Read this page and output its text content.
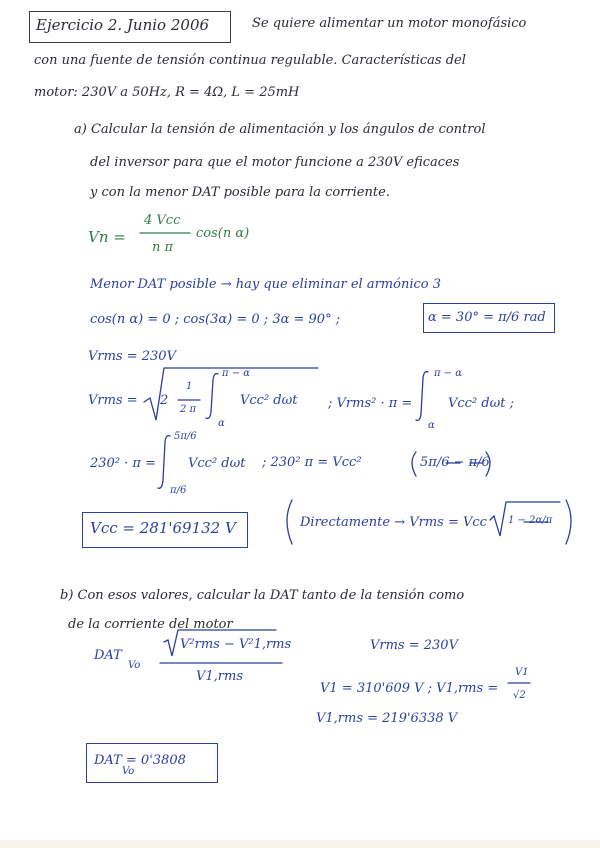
Ejercicio 2. Junio 2006	Se quiere alimentar un motor monofásico
con una fuente de tensión continua regulable. Características del
motor: 230V a 50Hz, R = 4Ω, L = 25mH
a) Calcular la tensión de alimentación y los ángulos de control
del inversor para que el motor funcione a 230V eficaces
y con la menor DAT posible para la corriente.
Vn =
4 Vcc
n π
cos(n α)
Menor DAT posible → hay que eliminar el armónico 3
cos(n α) = 0 ; cos(3α) = 0 ; 3α = 90° ;	α = 30° = π/6 rad
Vrms = 230V
Vrms = 2
1
2 π
π − α
α
Vcc² dωt ; Vrms² · π =
π − α
α
Vcc² dωt ;
230² · π =
5π/6
π/6
Vcc² dωt ; 230² π = Vcc²	5π/6 − π/6
Vcc = 281'69132 V	Directamente → Vrms = Vcc 1 − 2α/π
b) Con esos valores, calcular la DAT tanto de la tensión como
de la corriente del motor
DAT
Vo
V²rms − V²1,rms
V1,rms
Vrms = 230V
V1 = 310'609 V ; V1,rms =
V1
√2
V1,rms = 219'6338 V
DAT = 0'3808
Vo
